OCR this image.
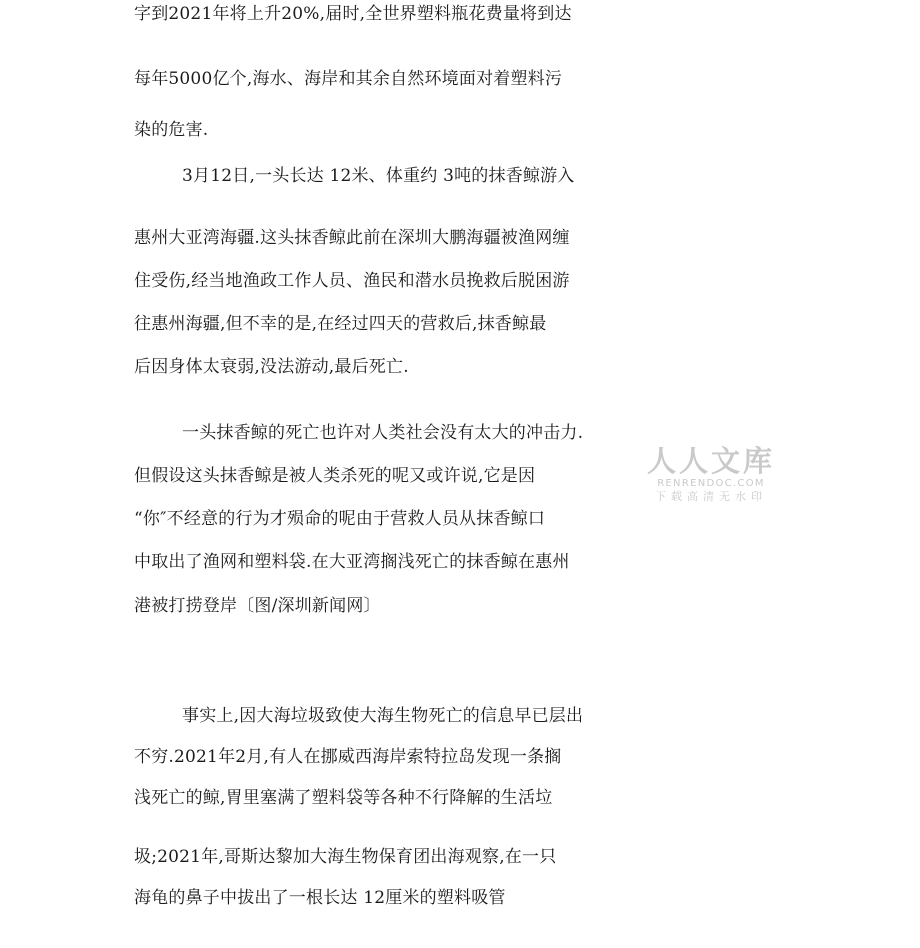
字到2021年将上升20%,届时,全世界塑料瓶花费量将到达
每年5000亿个,海水、海岸和其余自然环境面对着塑料污
染的危害.
3月12日,一头长达 12米、体重约 3吨的抹香鲸游入
惠州大亚湾海疆.这头抹香鲸此前在深圳大鹏海疆被渔网缠
住受伤,经当地渔政工作人员、渔民和潜水员挽救后脱困游
往惠州海疆,但不幸的是,在经过四天的营救后,抹香鲸最
后因身体太衰弱,没法游动,最后死亡.
一头抹香鲸的死亡也许对人类社会没有太大的冲击力.
但假设这头抹香鲸是被人类杀死的呢又或许说,它是因
“你″不经意的行为才殒命的呢由于营救人员从抹香鲸口
中取出了渔网和塑料袋.在大亚湾搁浅死亡的抹香鲸在惠州
港被打捞登岸〔图/深圳新闻网〕
事实上,因大海垃圾致使大海生物死亡的信息早已层出
不穷.2021年2月,有人在挪威西海岸索特拉岛发现一条搁
浅死亡的鲸,胃里塞满了塑料袋等各种不行降解的生活垃
圾;2021年,哥斯达黎加大海生物保育团出海观察,在一只
海龟的鼻子中拔出了一根长达 12厘米的塑料吸管
人人文库
RENRENDOC.COM
下载高清无水印
